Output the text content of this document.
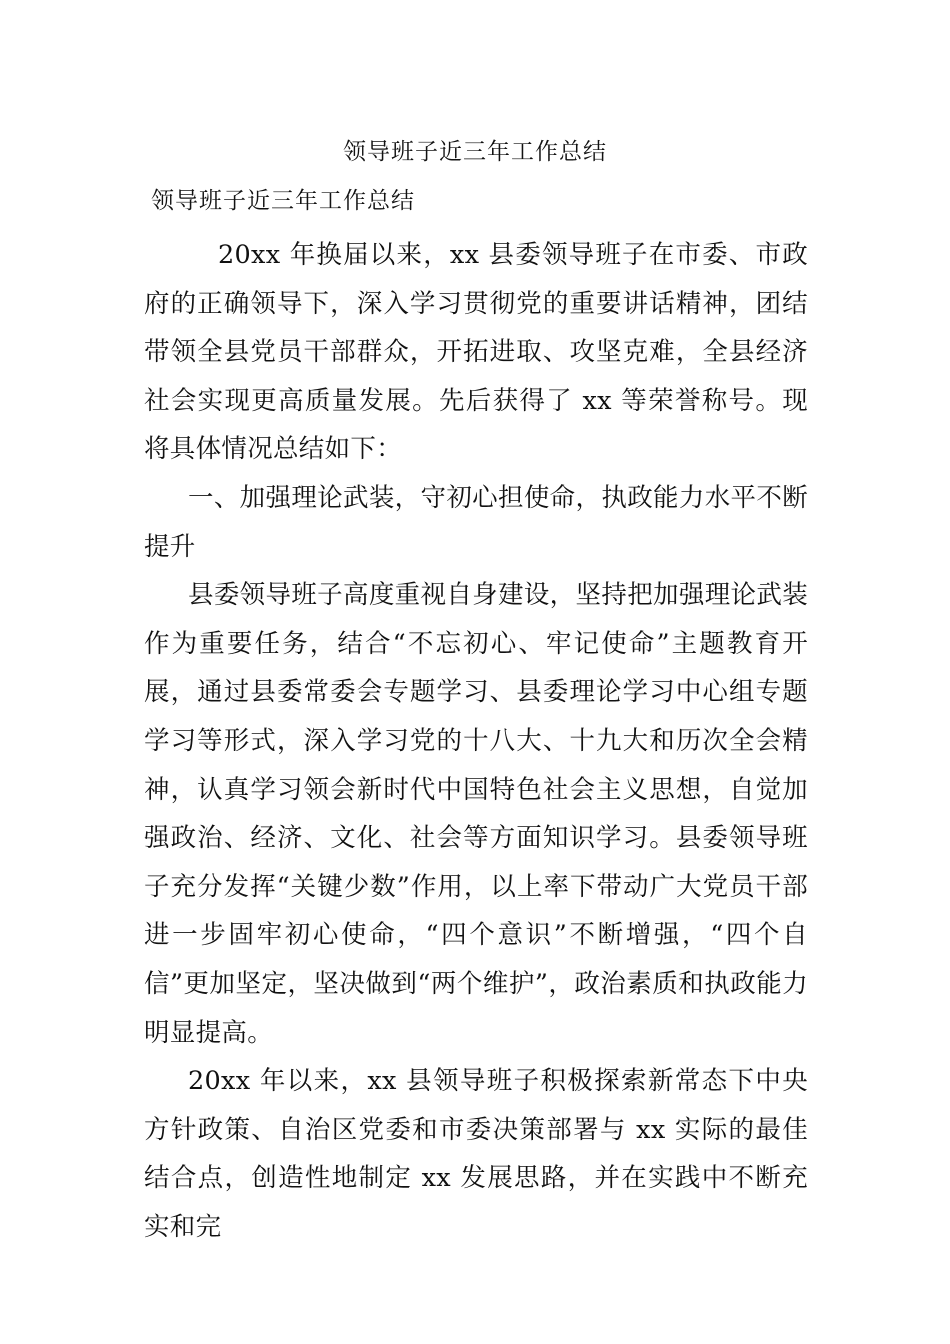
领导班子近三年工作总结
领导班子近三年工作总结

20xx 年换届以来，xx 县委领导班子在市委、市政府的正确领导下，深入学习贯彻党的重要讲话精神，团结带领全县党员干部群众，开拓进取、攻坚克难，全县经济社会实现更高质量发展。先后获得了 xx 等荣誉称号。现将具体情况总结如下：

一、加强理论武装，守初心担使命，执政能力水平不断提升

县委领导班子高度重视自身建设，坚持把加强理论武装作为重要任务，结合“不忘初心、牢记使命”主题教育开展，通过县委常委会专题学习、县委理论学习中心组专题学习等形式，深入学习党的十八大、十九大和历次全会精神，认真学习领会新时代中国特色社会主义思想，自觉加强政治、经济、文化、社会等方面知识学习。县委领导班子充分发挥“关键少数”作用，以上率下带动广大党员干部进一步固牢初心使命，“四个意识”不断增强，“四个自信”更加坚定，坚决做到“两个维护”，政治素质和执政能力明显提高。

20xx 年以来，xx 县领导班子积极探索新常态下中央方针政策、自治区党委和市委决策部署与 xx 实际的最佳结合点，创造性地制定 xx 发展思路，并在实践中不断充实和完
